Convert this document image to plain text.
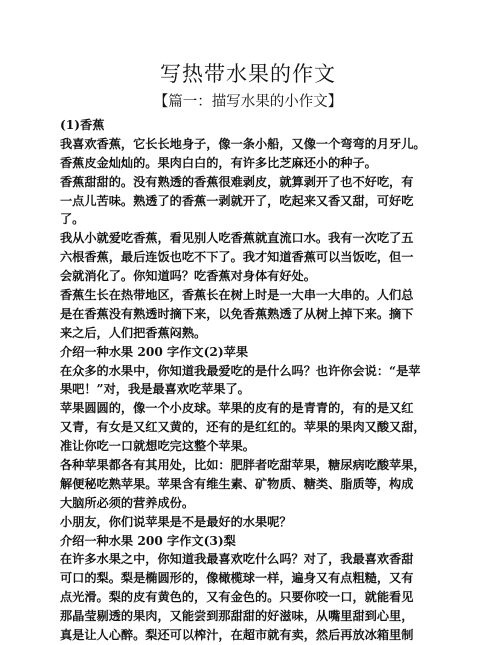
写热带水果的作文
【篇一：描写水果的小作文】
(1)香蕉
我喜欢香蕉，它长长地身子，像一条小船，又像一个弯弯的月牙儿。
香蕉皮金灿灿的。果肉白白的，有许多比芝麻还小的种子。
香蕉甜甜的。没有熟透的香蕉很难剥皮，就算剥开了也不好吃，有
一点儿苦味。熟透了的香蕉一剥就开了，吃起来又香又甜，可好吃
了。
我从小就爱吃香蕉，看见别人吃香蕉就直流口水。我有一次吃了五
六根香蕉，最后连饭也吃不下了。我才知道香蕉可以当饭吃，但一
会就消化了。你知道吗？吃香蕉对身体有好处。
香蕉生长在热带地区，香蕉长在树上时是一大串一大串的。人们总
是在香蕉没有熟透时摘下来，以免香蕉熟透了从树上掉下来。摘下
来之后，人们把香蕉闷熟。
介绍一种水果 200 字作文(2)苹果
在众多的水果中，你知道我最爱吃的是什么吗？也许你会说：“是苹
果吧！”对，我是最喜欢吃苹果了。
苹果圆圆的，像一个小皮球。苹果的皮有的是青青的，有的是又红
又青，有女是又红又黄的，还有的是红红的。苹果的果肉又酸又甜，
准让你吃一口就想吃完这整个苹果。
各种苹果都各有其用处，比如：肥胖者吃甜苹果，糖尿病吃酸苹果，
解便秘吃熟苹果。苹果含有维生素、矿物质、糖类、脂质等，构成
大脑所必须的营养成份。
小朋友，你们说苹果是不是最好的水果呢？
介绍一种水果 200 字作文(3)梨
在许多水果之中，你知道我最喜欢吃什么吗？对了，我最喜欢香甜
可口的梨。梨是椭圆形的，像橄榄球一样，遍身又有点粗糙，又有
点光滑。梨的皮有黄色的，又有金色的。只要你咬一口，就能看见
那晶莹剔透的果肉，又能尝到那甜甜的好滋味，从嘴里甜到心里，
真是让人心醉。梨还可以榨汁，在超市就有卖，然后再放冰箱里制
